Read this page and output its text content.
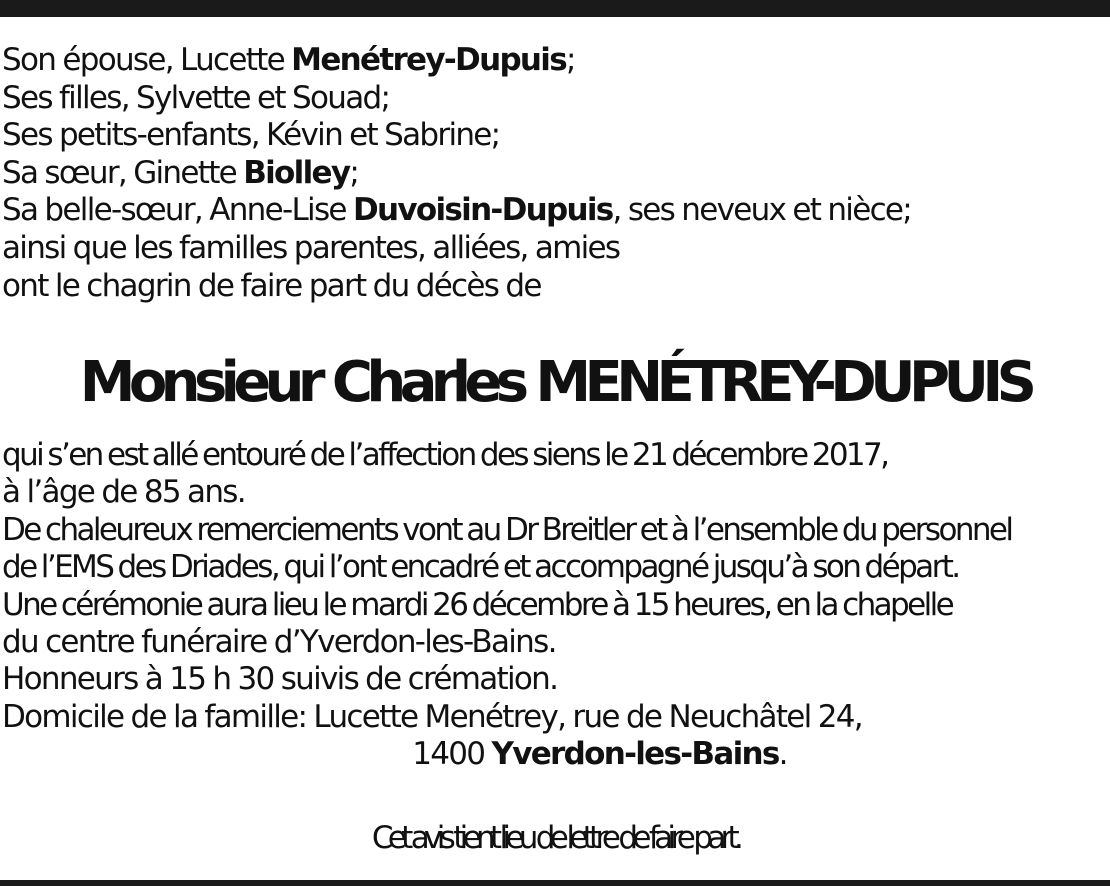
Son épouse, Lucette Menétrey-Dupuis;
Ses filles, Sylvette et Souad;
Ses petits-enfants, Kévin et Sabrine;
Sa sœur, Ginette Biolley;
Sa belle-sœur, Anne-Lise Duvoisin-Dupuis, ses neveux et nièce;
ainsi que les familles parentes, alliées, amies
ont le chagrin de faire part du décès de
Monsieur Charles MENÉTREY-DUPUIS
qui s’en est allé entouré de l’affection des siens le 21 décembre 2017,
à l’âge de 85 ans.
De chaleureux remerciements vont au Dr Breitler et à l’ensemble du personnel
de l’EMS des Driades, qui l’ont encadré et accompagné jusqu’à son départ.
Une cérémonie aura lieu le mardi 26 décembre à 15 heures, en la chapelle
du centre funéraire d’Yverdon-les-Bains.
Honneurs à 15 h 30 suivis de crémation.
Domicile de la famille: Lucette Menétrey, rue de Neuchâtel 24,
1400 Yverdon-les-Bains.
Cet avis tient lieu de lettre de faire part.
